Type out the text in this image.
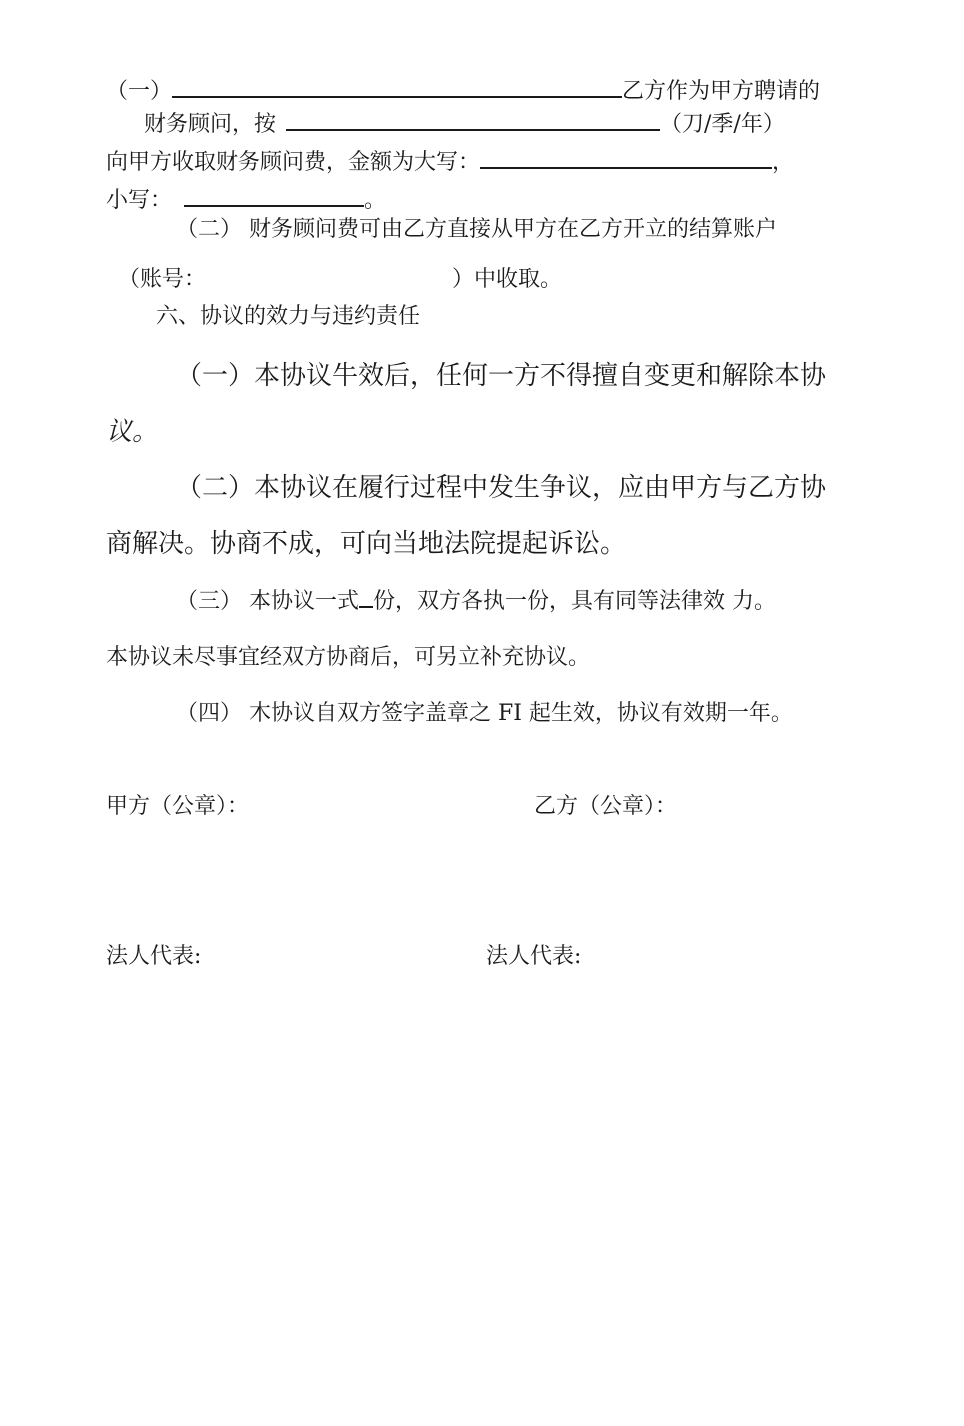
（一）	乙方作为甲方聘请的
财务顾问，按	（刀/季/年）
向甲方收取财务顾问费，金额为大写：	，
小写：	。
（二） 财务顾问费可由乙方直接从甲方在乙方开立的结算账户
（账号：	）中收取。
六、协议的效力与违约责任
（一）本协议牛效后，任何一方不得擅自变更和解除本协
议。
（二）本协议在履行过程中发生争议，应由甲方与乙方协
商解决。协商不成，可向当地法院提起诉讼。
（三） 本协议一式 份，双方各执一份，具有同等法律效 力。
本协议未尽事宜经双方协商后，可另立补充协议。
（四） 木协议自双方签字盖章之 FI 起生效，协议有效期一年。
甲方（公章）：	乙方（公章）：
法人代表:	法人代表:
